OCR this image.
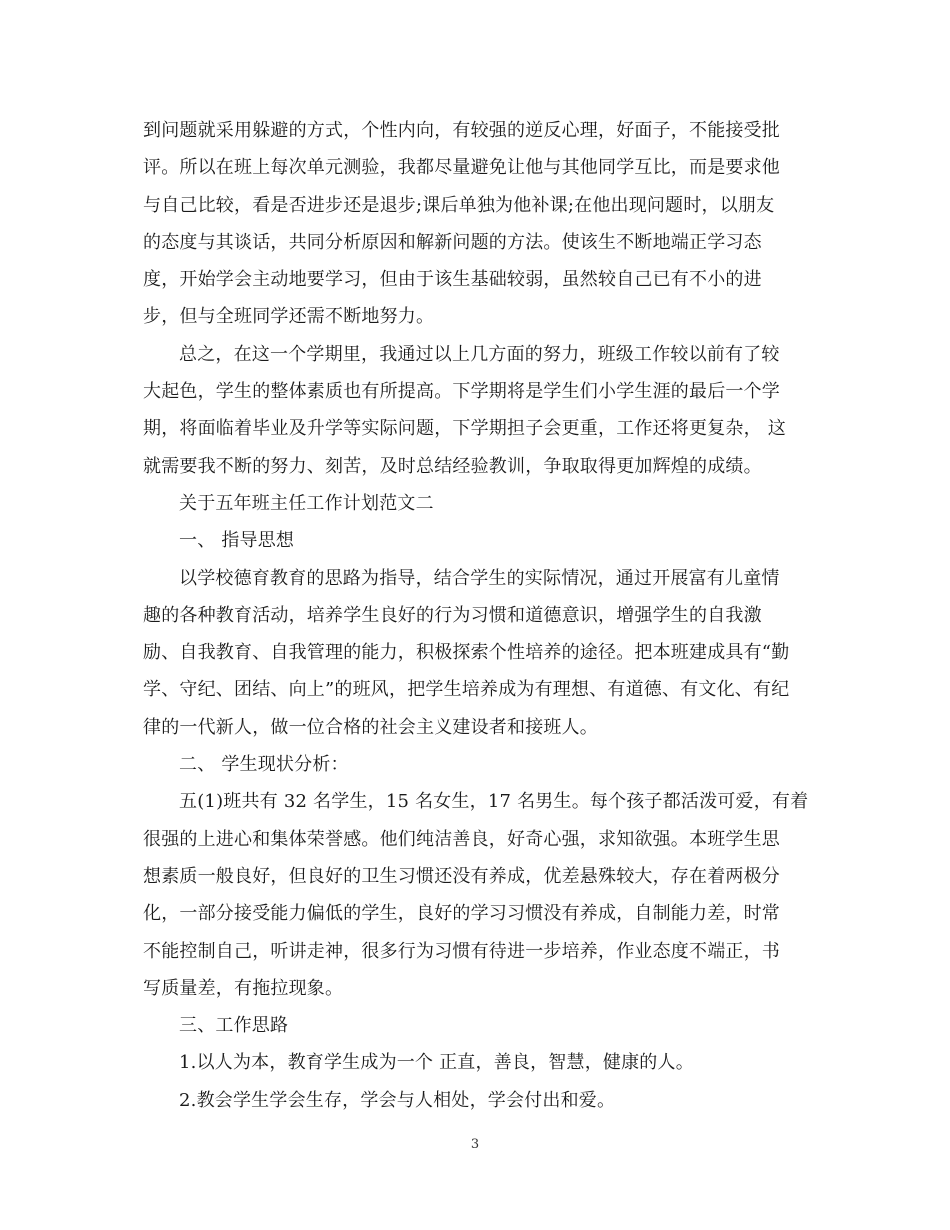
到问题就采用躲避的方式，个性内向，有较强的逆反心理，好面子，不能接受批
评。所以在班上每次单元测验，我都尽量避免让他与其他同学互比，而是要求他
与自己比较，看是否进步还是退步;课后单独为他补课;在他出现问题时，以朋友
的态度与其谈话，共同分析原因和解新问题的方法。使该生不断地端正学习态
度，开始学会主动地要学习，但由于该生基础较弱，虽然较自己已有不小的进
步，但与全班同学还需不断地努力。
总之，在这一个学期里，我通过以上几方面的努力，班级工作较以前有了较
大起色，学生的整体素质也有所提高。下学期将是学生们小学生涯的最后一个学
期，将面临着毕业及升学等实际问题，下学期担子会更重，工作还将更复杂， 这
就需要我不断的努力、刻苦，及时总结经验教训，争取取得更加辉煌的成绩。
关于五年班主任工作计划范文二
一、 指导思想
以学校德育教育的思路为指导，结合学生的实际情况，通过开展富有儿童情
趣的各种教育活动，培养学生良好的行为习惯和道德意识，增强学生的自我激
励、自我教育、自我管理的能力，积极探索个性培养的途径。把本班建成具有“勤
学、守纪、团结、向上”的班风，把学生培养成为有理想、有道德、有文化、有纪
律的一代新人，做一位合格的社会主义建设者和接班人。
二、 学生现状分析：
五(1)班共有 32 名学生，15 名女生，17 名男生。每个孩子都活泼可爱，有着
很强的上进心和集体荣誉感。他们纯洁善良，好奇心强，求知欲强。本班学生思
想素质一般良好，但良好的卫生习惯还没有养成，优差悬殊较大，存在着两极分
化，一部分接受能力偏低的学生，良好的学习习惯没有养成，自制能力差，时常
不能控制自己，听讲走神，很多行为习惯有待进一步培养，作业态度不端正，书
写质量差，有拖拉现象。
三、工作思路
1.以人为本，教育学生成为一个 正直，善良，智慧，健康的人。
2.教会学生学会生存，学会与人相处，学会付出和爱。

3
